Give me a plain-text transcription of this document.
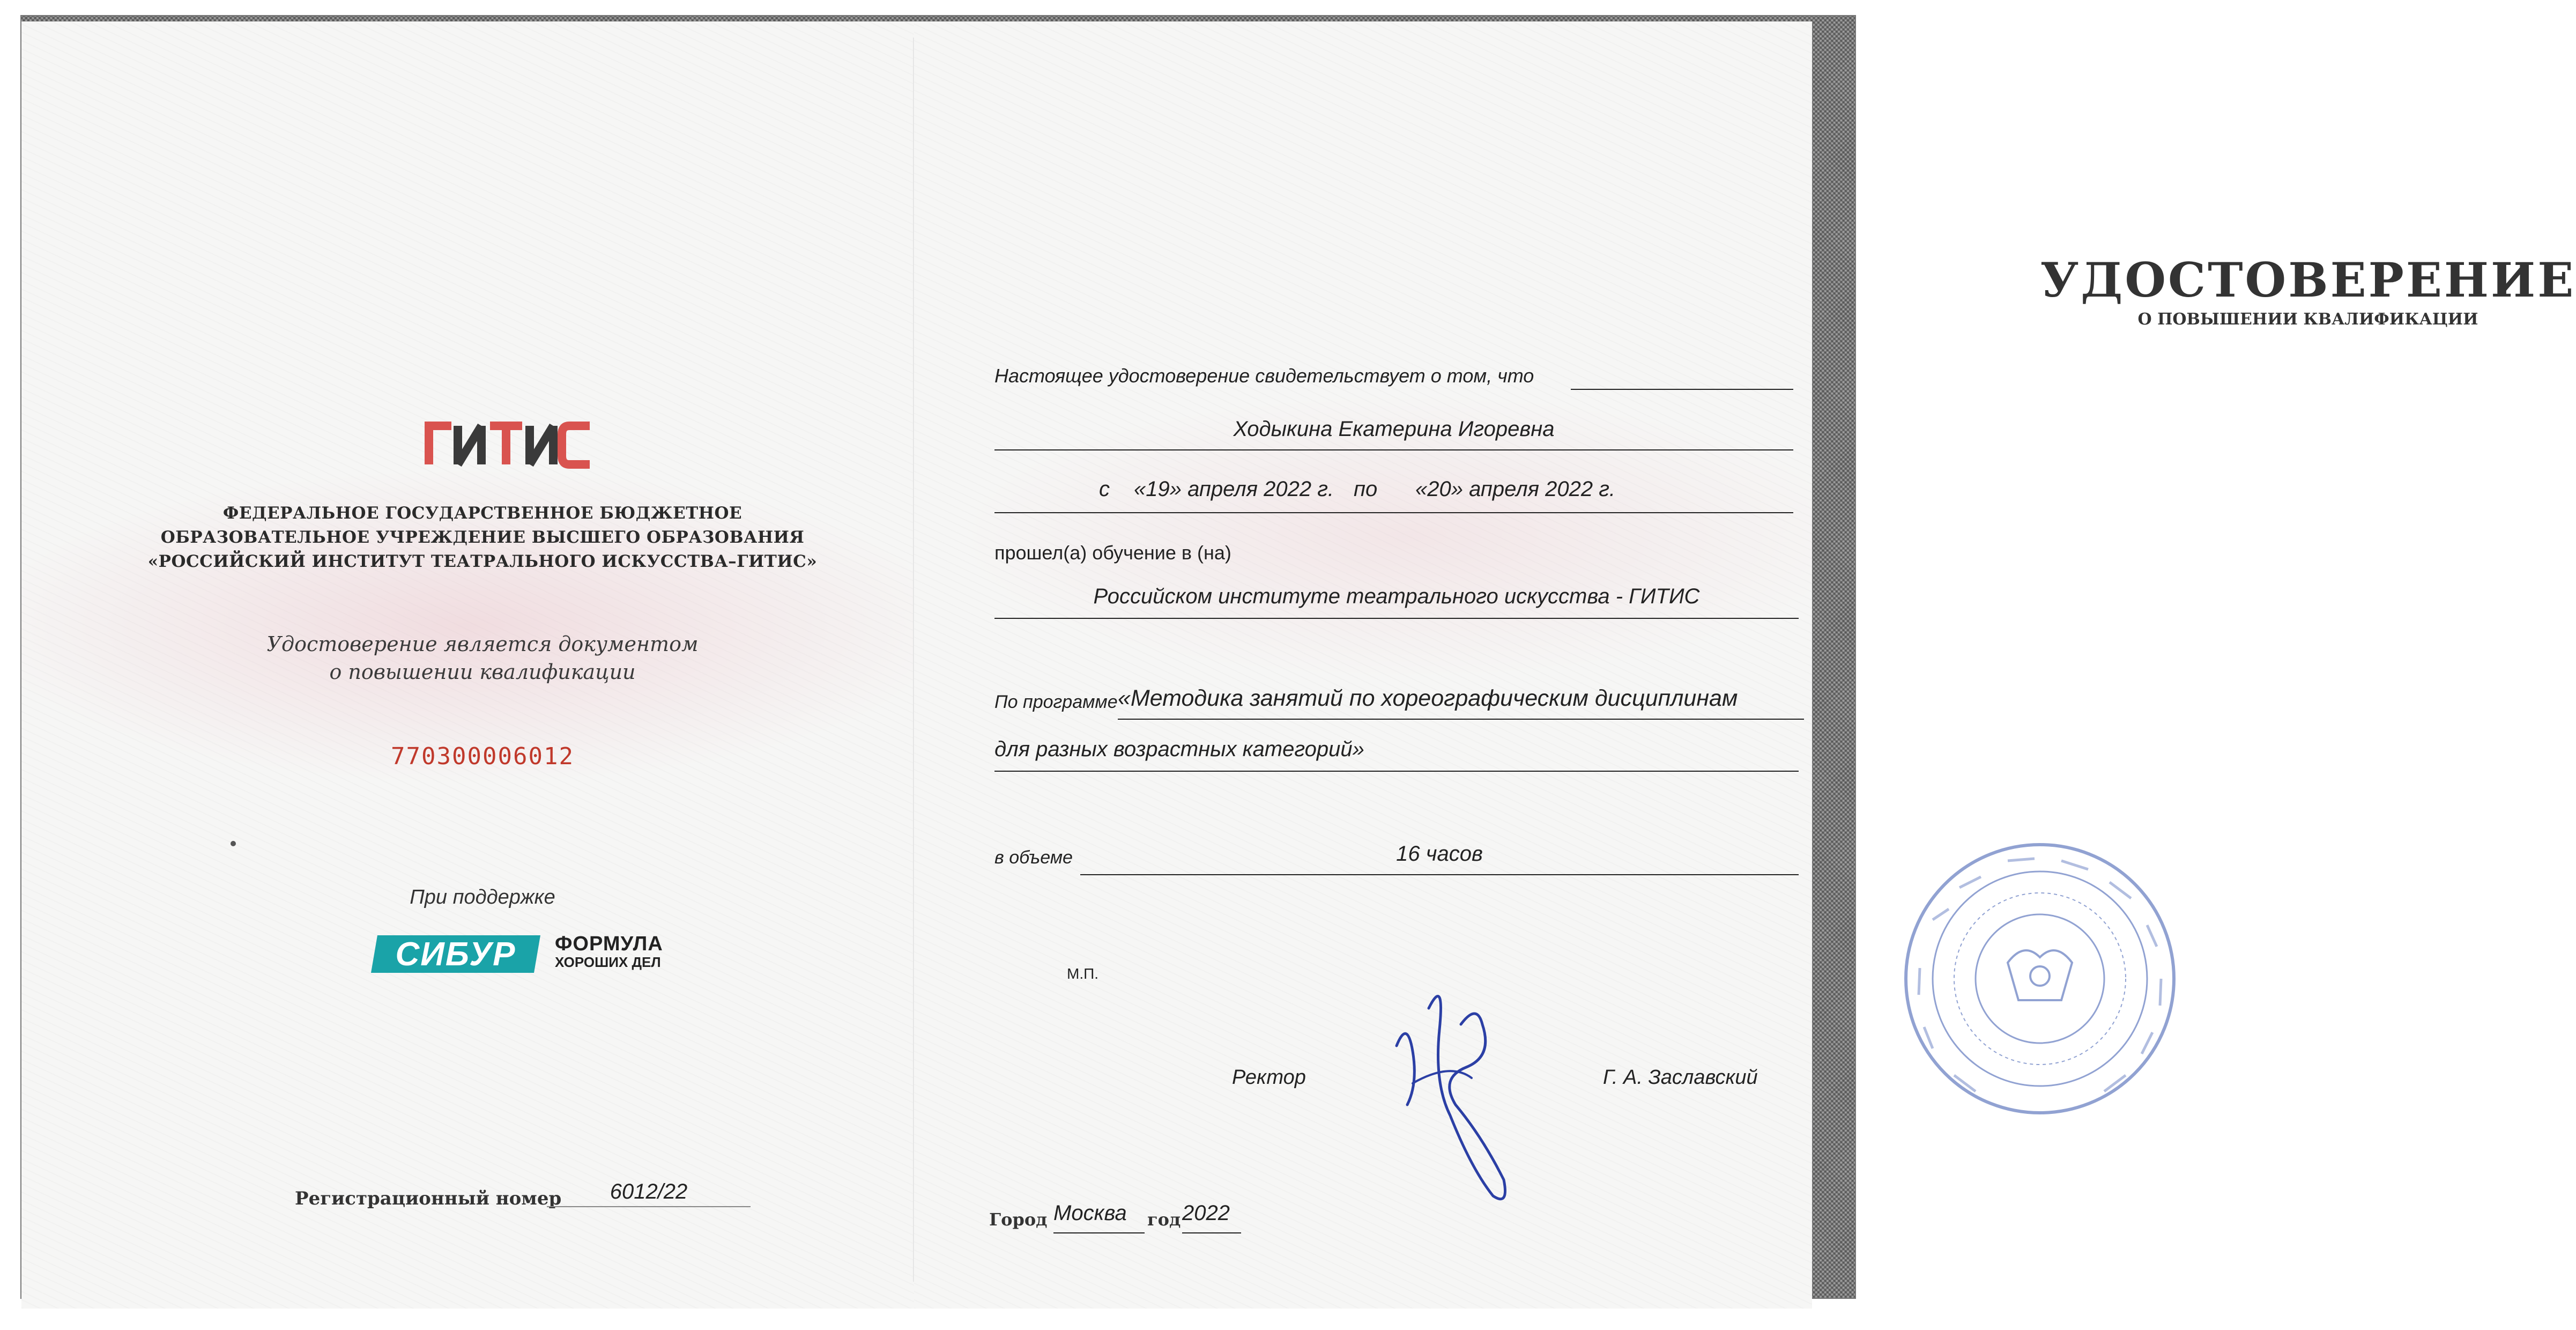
ГИТИС
ФЕДЕРАЛЬНОЕ ГОСУДАРСТВЕННОЕ БЮДЖЕТНОЕ
ОБРАЗОВАТЕЛЬНОЕ УЧРЕЖДЕНИЕ ВЫСШЕГО ОБРАЗОВАНИЯ
«РОССИЙСКИЙ ИНСТИТУТ ТЕАТРАЛЬНОГО ИСКУССТВА–ГИТИС»
Удостоверение является документом
о повышении квалификации
770300006012
При поддержке
СИБУР ФОРМУЛА
ХОРОШИХ ДЕЛ
Регистрационный номер	6012/22
УДОСТОВЕРЕНИЕ
О ПОВЫШЕНИИ КВАЛИФИКАЦИИ
Настоящее удостоверение свидетельствует о том, что
Ходыкина Екатерина Игоревна
с «19» апреля 2022 г. по «20» апреля 2022 г.
прошел(а) обучение в (на)
Российском институте театрального искусства - ГИТИС
По программе «Методика занятий по хореографическим дисциплинам
для разных возрастных категорий»
в объеме	16 часов
М.П.
Ректор	Г. А. Заславский
Город Москва	год 2022
